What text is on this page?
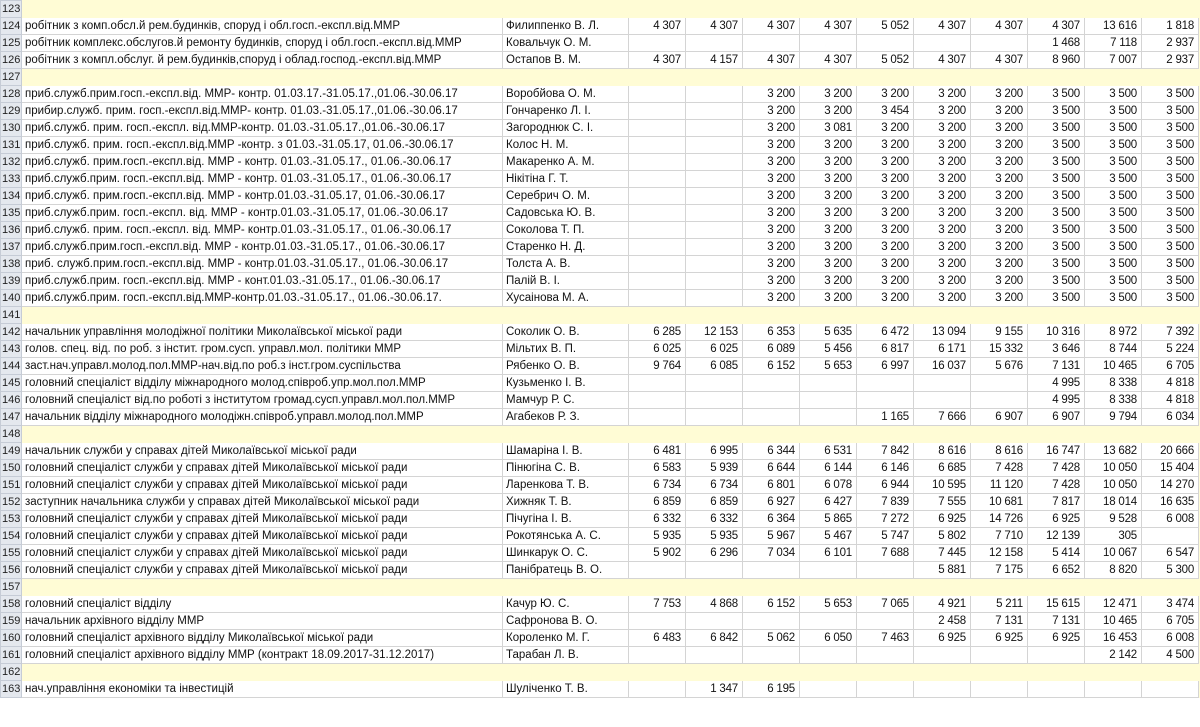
123													
124	робітник з комп.обсл.й рем.будинків, споруд і обл.госп.-експл.від.ММР	Филиппенко В. Л.	4 307	4 307	4 307	4 307	5 052	4 307	4 307	4 307	13 616	1 818	
125	робітник комплекс.обслугов.й ремонту будинків, споруд і обл.госп.-експл.від.ММР	Ковальчук О. М.								1 468	7 118	2 937	
126	робітник з компл.обслуг. й рем.будинків,споруд і облад.господ.-експл.від.ММР	Остапов В. М.	4 307	4 157	4 307	4 307	5 052	4 307	4 307	8 960	7 007	2 937	
127													
128	приб.служб.прим.госп.-експл.від. ММР- контр. 01.03.17.-31.05.17.,01.06.-30.06.17	Воробйова О. М.			3 200	3 200	3 200	3 200	3 200	3 500	3 500	3 500	
129	прибир.служб. прим. госп.-експл.від.ММР- контр. 01.03.-31.05.17.,01.06.-30.06.17	Гончаренко Л. І.			3 200	3 200	3 454	3 200	3 200	3 500	3 500	3 500	
130	приб.служб. прим. госп.-експл. від.ММР-контр. 01.03.-31.05.17.,01.06.-30.06.17	Загороднюк С. І.			3 200	3 081	3 200	3 200	3 200	3 500	3 500	3 500	
131	приб.служб. прим. госп.-експл.від.ММР -контр. з 01.03.-31.05.17, 01.06.-30.06.17	Колос Н. М.			3 200	3 200	3 200	3 200	3 200	3 500	3 500	3 500	
132	приб.служб. прим.госп.-експл.від. ММР - контр. 01.03.-31.05.17., 01.06.-30.06.17	Макаренко А. М.			3 200	3 200	3 200	3 200	3 200	3 500	3 500	3 500	
133	приб.служб.прим. госп.-експл.від. ММР - контр. 01.03.-31.05.17., 01.06.-30.06.17	Нікітіна Г. Т.			3 200	3 200	3 200	3 200	3 200	3 500	3 500	3 500	
134	приб.служб. прим.госп.-експл.від. ММР - контр.01.03.-31.05.17, 01.06.-30.06.17	Серебрич О. М.			3 200	3 200	3 200	3 200	3 200	3 500	3 500	3 500	
135	приб.служб.прим. госп.-експл. від. ММР - контр.01.03.-31.05.17, 01.06.-30.06.17	Садовська Ю. В.			3 200	3 200	3 200	3 200	3 200	3 500	3 500	3 500	
136	приб.служб. прим. госп.-експл. від. ММР- контр.01.03.-31.05.17., 01.06.-30.06.17	Соколова Т. П.			3 200	3 200	3 200	3 200	3 200	3 500	3 500	3 500	
137	приб.служб.прим.госп.-експл.від. ММР - контр.01.03.-31.05.17., 01.06.-30.06.17	Старенко Н. Д.			3 200	3 200	3 200	3 200	3 200	3 500	3 500	3 500	
138	приб. служб.прим.госп.-експл.від. ММР - контр.01.03.-31.05.17., 01.06.-30.06.17	Толста А. В.			3 200	3 200	3 200	3 200	3 200	3 500	3 500	3 500	
139	приб.служб.прим. госп.-експл.від. ММР - конт.01.03.-31.05.17., 01.06.-30.06.17	Палій В. І.			3 200	3 200	3 200	3 200	3 200	3 500	3 500	3 500	
140	приб.служб.прим. госп.-експл.від.ММР-контр.01.03.-31.05.17., 01.06.-30.06.17.	Хусаінова М. А.			3 200	3 200	3 200	3 200	3 200	3 500	3 500	3 500	
141													
142	начальник управління молодіжної політики Миколаївської міської ради	Соколик О. В.	6 285	12 153	6 353	5 635	6 472	13 094	9 155	10 316	8 972	7 392	
143	голов. спец. від. по роб. з інстит. гром.сусп. управл.мол. політики ММР	Мільтих В. П.	6 025	6 025	6 089	5 456	6 817	6 171	15 332	3 646	8 744	5 224	
144	заст.нач.управл.молод.пол.ММР-нач.від.по роб.з інст.гром.суспільства	Рябенко О. В.	9 764	6 085	6 152	5 653	6 997	16 037	5 676	7 131	10 465	6 705	
145	головний спеціаліст відділу міжнародного молод.співроб.упр.мол.пол.ММР	Кузьменко І. В.								4 995	8 338	4 818	
146	головний спеціаліст від.по роботі з інститутом громад.сусп.управл.мол.пол.ММР	Мамчур Р. С.								4 995	8 338	4 818	
147	начальник відділу міжнародного молодіжн.співроб.управл.молод.пол.ММР	Агабеков Р. З.					1 165	7 666	6 907	6 907	9 794	6 034	
148													
149	начальник служби у справах дітей Миколаївської міської ради	Шамаріна І. В.	6 481	6 995	6 344	6 531	7 842	8 616	8 616	16 747	13 682	20 666	
150	головний спеціаліст служби у справах дітей Миколаївської міської ради	Пінюгіна С. В.	6 583	5 939	6 644	6 144	6 146	6 685	7 428	7 428	10 050	15 404	
151	головний спеціаліст служби у справах дітей Миколаївської міської ради	Ларенкова Т. В.	6 734	6 734	6 801	6 078	6 944	10 595	11 120	7 428	10 050	14 270	
152	заступник начальника служби у справах дітей Миколаївської міської ради	Хижняк Т. В.	6 859	6 859	6 927	6 427	7 839	7 555	10 681	7 817	18 014	16 635	
153	головний спеціаліст служби у справах дітей Миколаївської міської ради	Пічугіна І. В.	6 332	6 332	6 364	5 865	7 272	6 925	14 726	6 925	9 528	6 008	
154	головний спеціаліст служби у справах дітей Миколаївської міської ради	Рокотянська А. С.	5 935	5 935	5 967	5 467	5 747	5 802	7 710	12 139	305		
155	головний спеціаліст служби у справах дітей Миколаївської міської ради	Шинкарук О. С.	5 902	6 296	7 034	6 101	7 688	7 445	12 158	5 414	10 067	6 547	
156	головний спеціаліст служби у справах дітей Миколаївської міської ради	Панібратець В. О.						5 881	7 175	6 652	8 820	5 300	
157													
158	головний спеціаліст відділу	Качур Ю. С.	7 753	4 868	6 152	5 653	7 065	4 921	5 211	15 615	12 471	3 474	
159	начальник архівного відділу ММР	Сафронова В. О.						2 458	7 131	7 131	10 465	6 705	
160	головний спеціаліст архівного відділу Миколаївської міської ради	Короленко М. Г.	6 483	6 842	5 062	6 050	7 463	6 925	6 925	6 925	16 453	6 008	
161	головний спеціаліст архівного відділу ММР (контракт 18.09.2017-31.12.2017)	Тарабан Л. В.									2 142	4 500	
162													
163	нач.управління економіки та інвестицій	Шуліченко Т. В.		1 347	6 195								
